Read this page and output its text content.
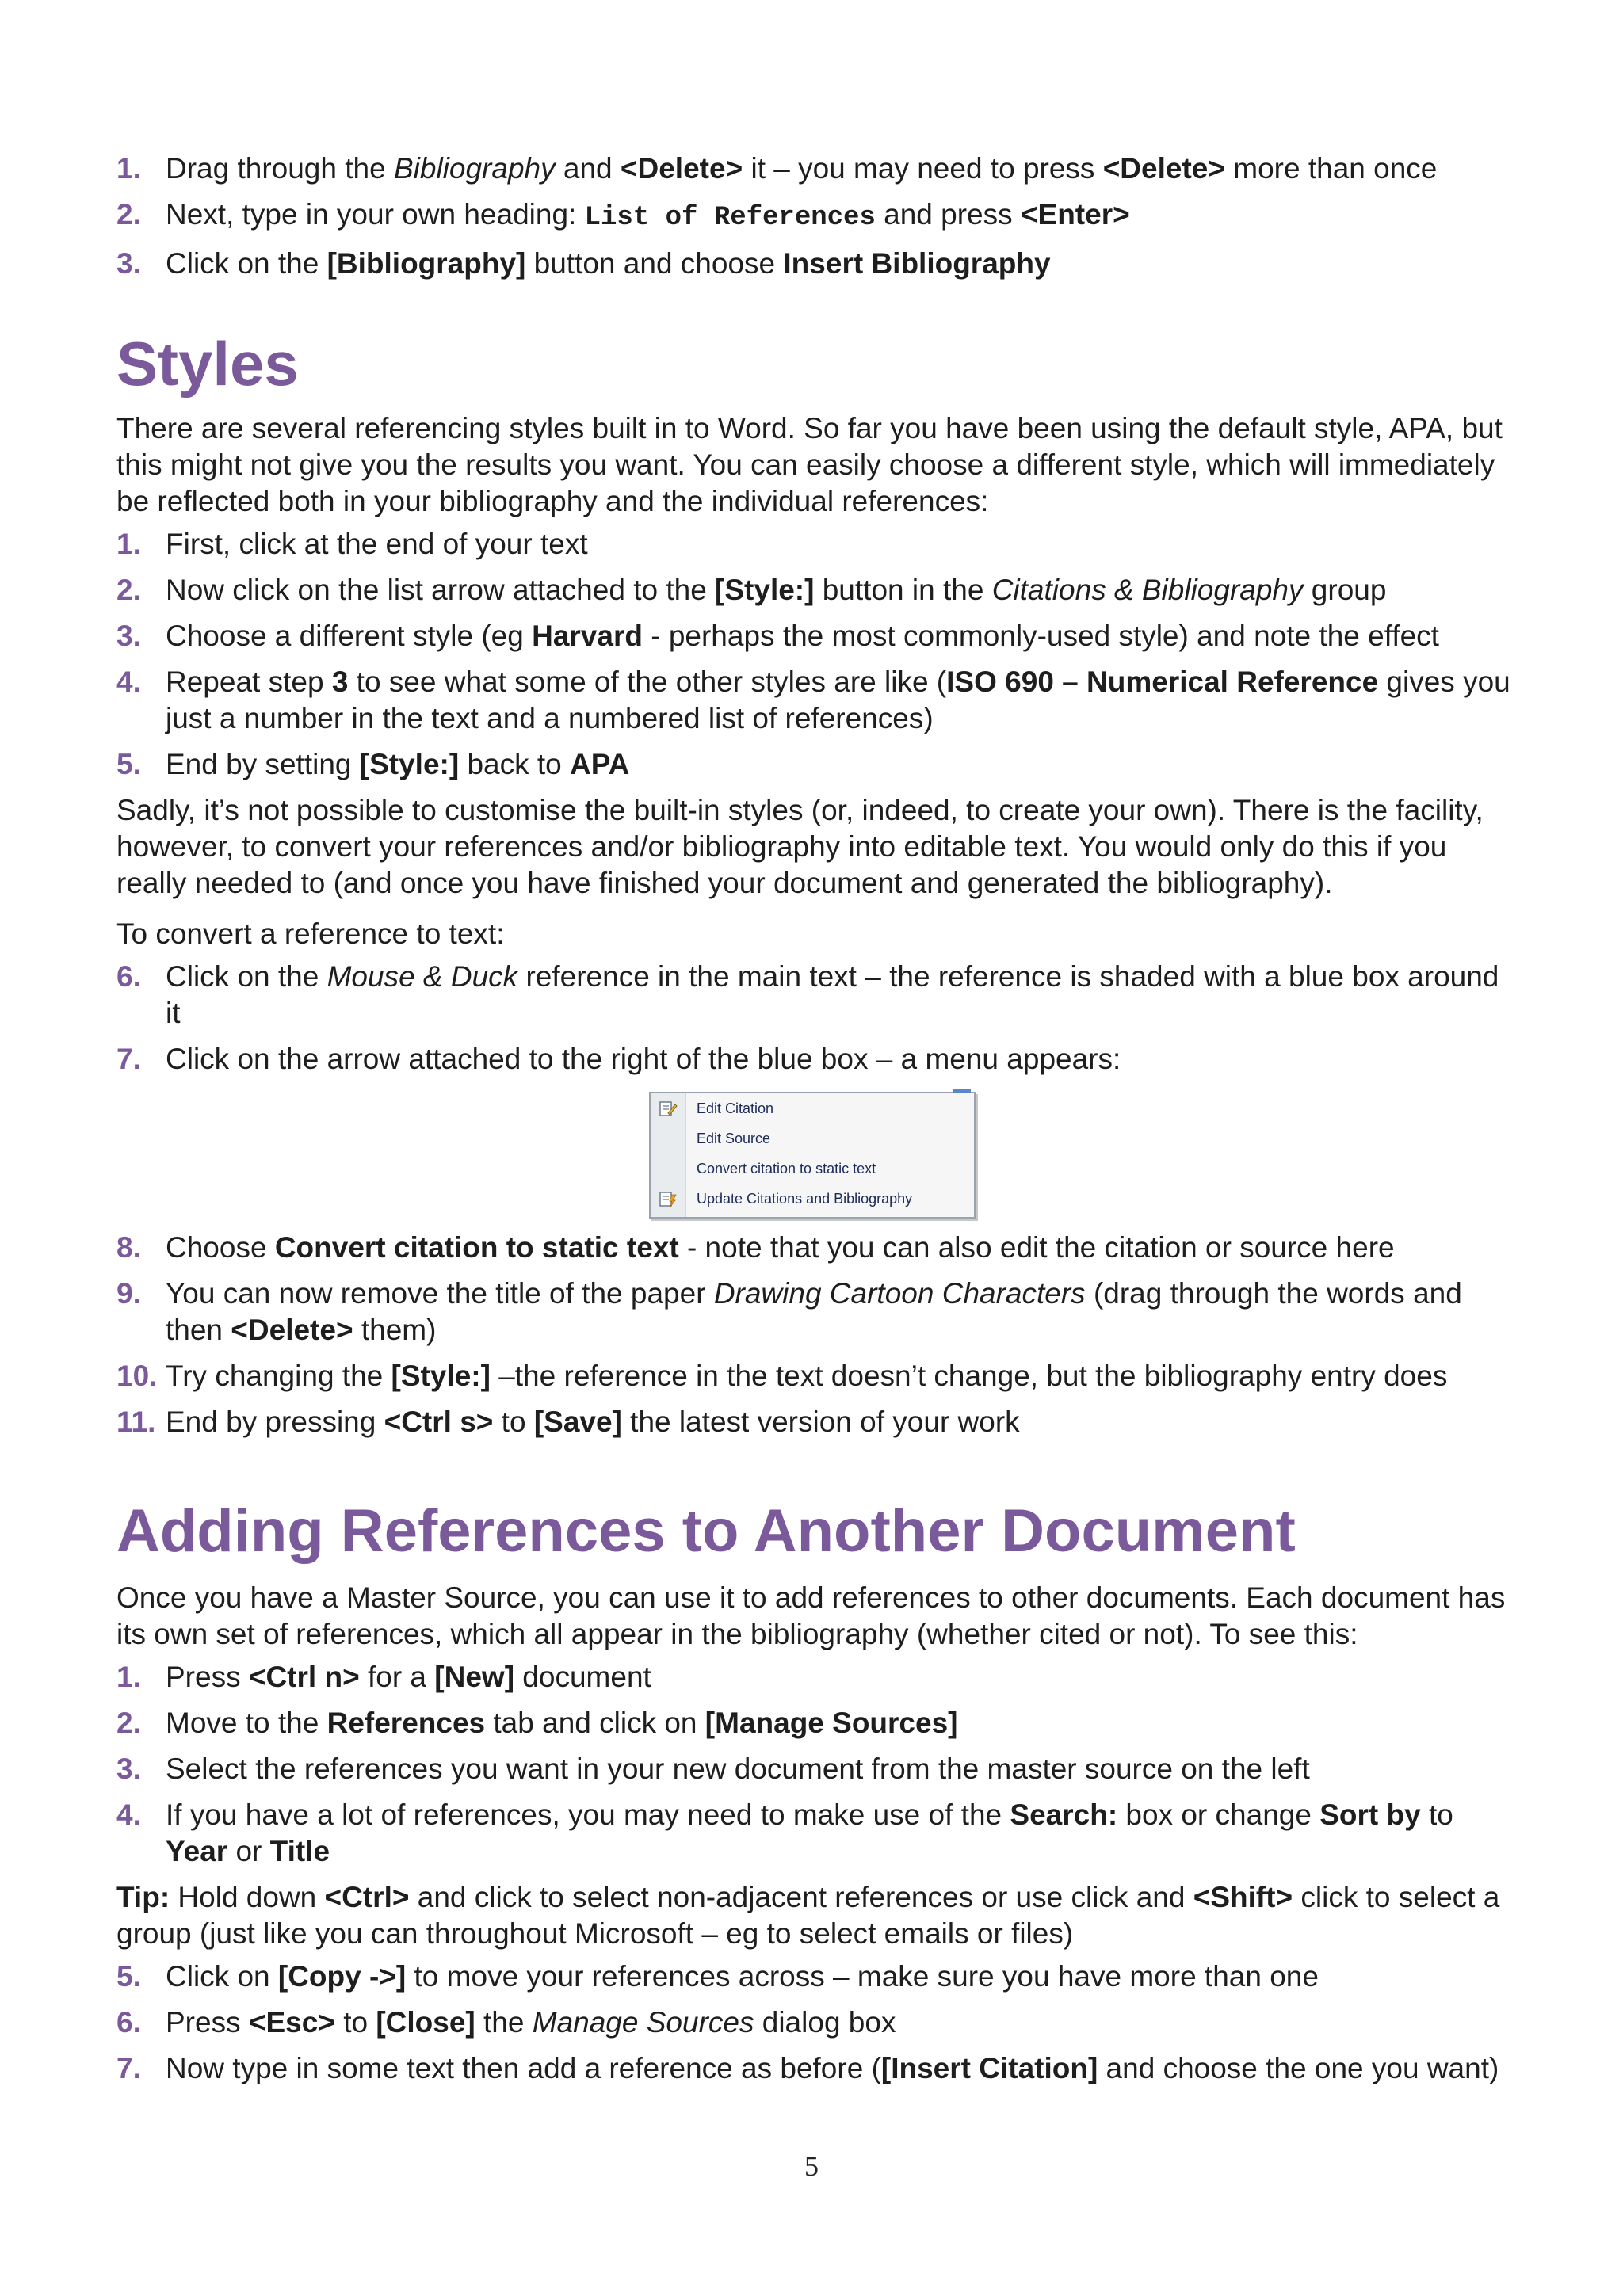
1. Drag through the Bibliography and <Delete> it – you may need to press <Delete> more than once
2. Next, type in your own heading: List of References and press <Enter>
3. Click on the [Bibliography] button and choose Insert Bibliography
Styles

There are several referencing styles built in to Word. So far you have been using the default style, APA, but this might not give you the results you want. You can easily choose a different style, which will immediately be reflected both in your bibliography and the individual references:

1. First, click at the end of your text
2. Now click on the list arrow attached to the [Style:] button in the Citations & Bibliography group
3. Choose a different style (eg Harvard - perhaps the most commonly-used style) and note the effect
4. Repeat step 3 to see what some of the other styles are like (ISO 690 – Numerical Reference gives you just a number in the text and a numbered list of references)
5. End by setting [Style:] back to APA

Sadly, it’s not possible to customise the built-in styles (or, indeed, to create your own). There is the facility, however, to convert your references and/or bibliography into editable text. You would only do this if you really needed to (and once you have finished your document and generated the bibliography).

To convert a reference to text:

6. Click on the Mouse & Duck reference in the main text – the reference is shaded with a blue box around it
7. Click on the arrow attached to the right of the blue box – a menu appears:
Edit Citation
Edit Source
Convert citation to static text
Update Citations and Bibliography
8. Choose Convert citation to static text - note that you can also edit the citation or source here
9. You can now remove the title of the paper Drawing Cartoon Characters (drag through the words and then <Delete> them)
10. Try changing the [Style:] –the reference in the text doesn’t change, but the bibliography entry does
11. End by pressing <Ctrl s> to [Save] the latest version of your work
Adding References to Another Document

Once you have a Master Source, you can use it to add references to other documents. Each document has its own set of references, which all appear in the bibliography (whether cited or not). To see this:

1. Press <Ctrl n> for a [New] document
2. Move to the References tab and click on [Manage Sources]
3. Select the references you want in your new document from the master source on the left
4. If you have a lot of references, you may need to make use of the Search: box or change Sort by to Year or Title

Tip: Hold down <Ctrl> and click to select non-adjacent references or use click and <Shift> click to select a group (just like you can throughout Microsoft – eg to select emails or files)

5. Click on [Copy ->] to move your references across – make sure you have more than one
6. Press <Esc> to [Close] the Manage Sources dialog box
7. Now type in some text then add a reference as before ([Insert Citation] and choose the one you want)
5
